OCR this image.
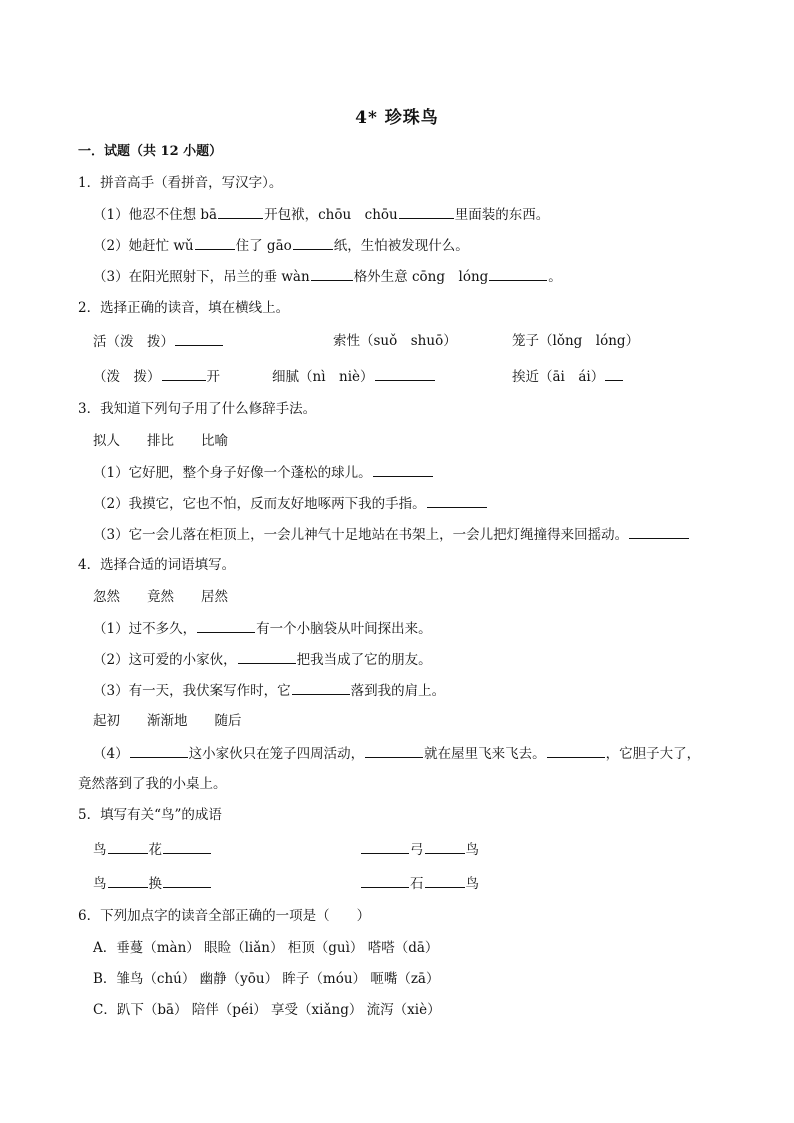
4* 珍珠鸟
一．试题（共 12 小题）
1．拼音高手（看拼音，写汉字）。
（1）他忍不住想 bā	开包袱，chōu　chōu	里面装的东西。
（2）她赶忙 wǔ	住了 gāo	纸，生怕被发现什么。
（3）在阳光照射下，吊兰的垂 wàn	格外生意 cōng　lóng	。
2．选择正确的读音，填在横线上。
活（泼　拨）	索性（suǒ　shuō）	笼子（lǒng　lóng）
（泼　拨）	开	细腻（nì　niè）	挨近（āi　ái）
3．我知道下列句子用了什么修辞手法。
拟人　　排比　　比喻
（1）它好肥，整个身子好像一个蓬松的球儿。
（2）我摸它，它也不怕，反而友好地啄两下我的手指。
（3）它一会儿落在柜顶上，一会儿神气十足地站在书架上，一会儿把灯绳撞得来回摇动。
4．选择合适的词语填写。
忽然　　竟然　　居然
（1）过不多久，	有一个小脑袋从叶间探出来。
（2）这可爱的小家伙，	把我当成了它的朋友。
（3）有一天，我伏案写作时，它	落到我的肩上。
起初　　渐渐地　　随后
（4）	这小家伙只在笼子四周活动，	就在屋里飞来飞去。	，它胆子大了，
竟然落到了我的小桌上。
5．填写有关“鸟”的成语
鸟	花	弓	鸟
鸟	换	石	鸟
6．下列加点字的读音全部正确的一项是（　　）
A．垂蔓（màn） 眼睑（liǎn） 柜顶（guì） 嗒嗒（dā）
B．雏鸟（chú） 幽静（yōu） 眸子（móu） 咂嘴（zā）
C．趴下（bā） 陪伴（péi） 享受（xiǎng） 流泻（xiè）
